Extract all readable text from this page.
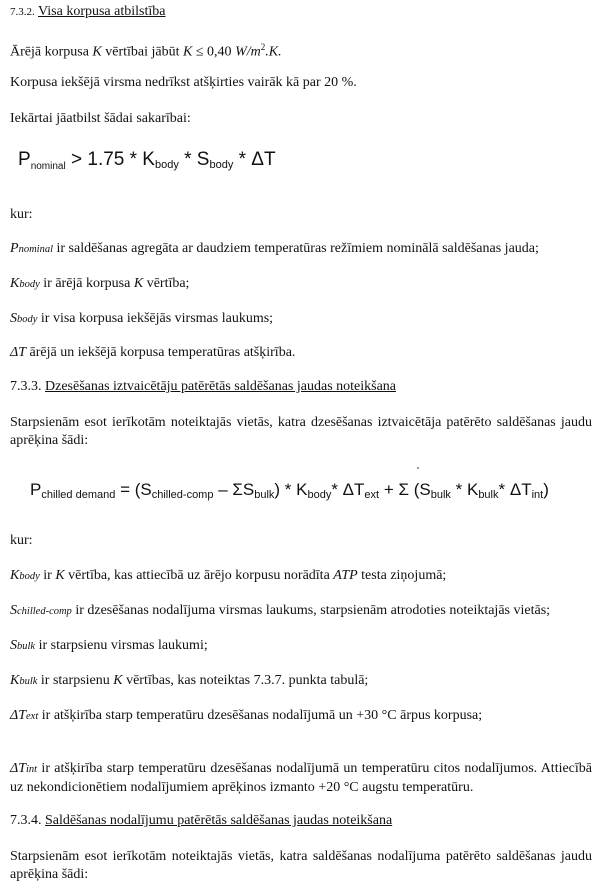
7.3.2. Visa korpusa atbilstība
Ārējā korpusa K vērtībai jābūt K ≤ 0,40 $W/m^2.K$.
Korpusa iekšējā virsma nedrīkst atšķirties vairāk kā par 20 %.
Iekārtai jāatbilst šādai sakarībai:
$P_{nominal} > 1.75 * K_{body} * S_{body} * \Delta T$
kur:
Pnominal ir saldēšanas agregāta ar daudziem temperatūras režīmiem nominālā saldēšanas jauda;
Kbody ir ārējā korpusa K vērtība;
Sbody ir visa korpusa iekšējās virsmas laukums;
ΔT ārējā un iekšējā korpusa temperatūras atšķirība.
7.3.3. Dzesēšanas iztvaicētāju patērētās saldēšanas jaudas noteikšana
Starpsienām esot ierīkotām noteiktajās vietās, katra dzesēšanas iztvaicētāja patērēto saldēšanas jaudu aprēķina šādi:
$P_{chilled demand} = (S_{chilled-comp} - \Sigma S_{bulk}) * K_{body}*$ $\Delta T_{ext} + \Sigma$ ($S_{bulk} * K_{bulk}*$ $\Delta T_{int}$)
kur:
Kbody ir K vērtība, kas attiecībā uz ārējo korpusu norādīta ATP testa ziņojumā;
Schilled-comp ir dzesēšanas nodalījuma virsmas laukums, starpsienām atrodoties noteiktajās vietās;
Sbulk ir starpsienu virsmas laukumi;
Kbulk ir starpsienu K vērtības, kas noteiktas 7.3.7. punkta tabulā;
ΔText ir atšķirība starp temperatūru dzesēšanas nodalījumā un +30 °C ārpus korpusa;
ΔTint ir atšķirība starp temperatūru dzesēšanas nodalījumā un temperatūru citos nodalījumos. Attiecībā uz nekondicionētiem nodalījumiem aprēķinos izmanto +20 °C augstu temperatūru.
7.3.4. Saldēšanas nodalījumu patērētās saldēšanas jaudas noteikšana
Starpsienām esot ierīkotām noteiktajās vietās, katra saldēšanas nodalījuma patērēto saldēšanas jaudu aprēķina šādi:
